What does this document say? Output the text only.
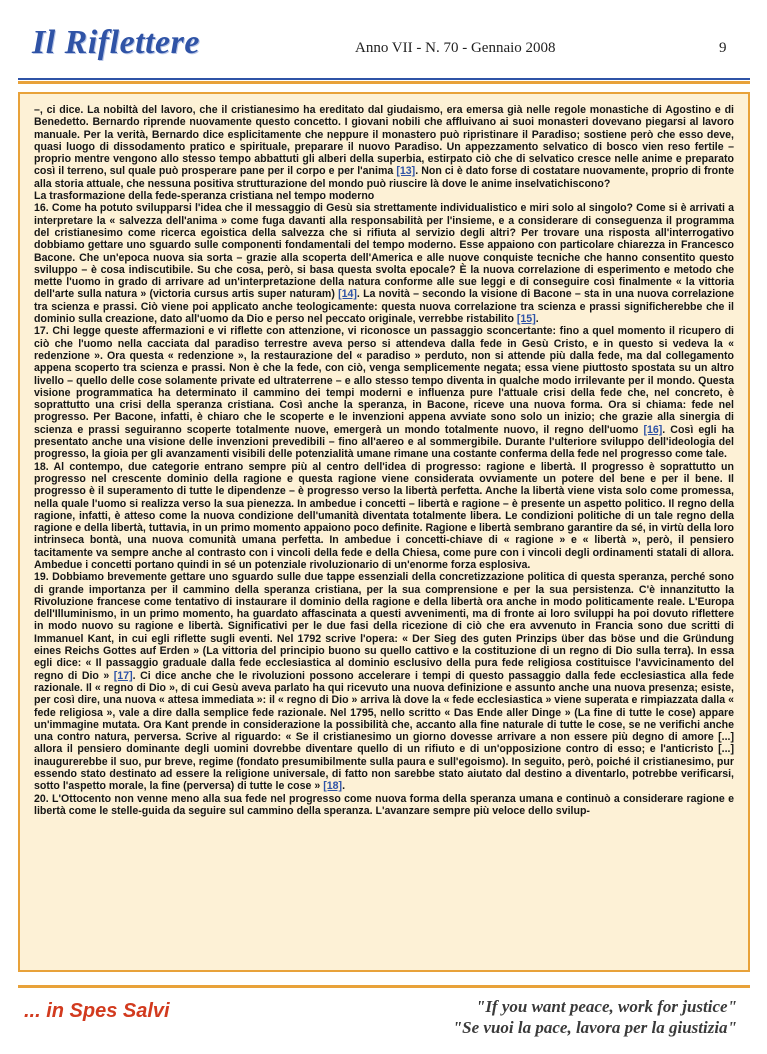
Il Riflettere	Anno VII - N. 70 - Gennaio 2008	9

–, ci dice. La nobiltà del lavoro, che il cristianesimo ha ereditato dal giudaismo, era emersa già nelle regole monastiche di Agostino e di Benedetto. Bernardo riprende nuovamente questo concetto. I giovani nobili che affluivano ai suoi monasteri dovevano piegarsi al lavoro manuale. Per la verità, Bernardo dice esplicitamente che neppure il monastero può ripristinare il Paradiso; sostiene però che esso deve, quasi luogo di dissodamento pratico e spirituale, preparare il nuovo Paradiso. Un appezzamento selvatico di bosco vien reso fertile – proprio mentre vengono allo stesso tempo abbattuti gli alberi della superbia, estirpato ciò che di selvatico cresce nelle anime e preparato così il terreno, sul quale può prosperare pane per il corpo e per l'anima [13]. Non ci è dato forse di costatare nuovamente, proprio di fronte alla storia attuale, che nessuna positiva strutturazione del mondo può riuscire là dove le anime inselvatichiscono?

La trasformazione della fede-speranza cristiana nel tempo moderno

16. Come ha potuto svilupparsi l'idea che il messaggio di Gesù sia strettamente individualistico e miri solo al singolo? Come si è arrivati a interpretare la « salvezza dell'anima » come fuga davanti alla responsabilità per l'insieme, e a considerare di conseguenza il programma del cristianesimo come ricerca egoistica della salvezza che si rifiuta al servizio degli altri? Per trovare una risposta all'interrogativo dobbiamo gettare uno sguardo sulle componenti fondamentali del tempo moderno. Esse appaiono con particolare chiarezza in Francesco Bacone. Che un'epoca nuova sia sorta – grazie alla scoperta dell'America e alle nuove conquiste tecniche che hanno consentito questo sviluppo – è cosa indiscutibile. Su che cosa, però, si basa questa svolta epocale? È la nuova correlazione di esperimento e metodo che mette l'uomo in grado di arrivare ad un'interpretazione della natura conforme alle sue leggi e di conseguire così finalmente « la vittoria dell'arte sulla natura » (victoria cursus artis super naturam) [14]. La novità – secondo la visione di Bacone – sta in una nuova correlazione tra scienza e prassi. Ciò viene poi applicato anche teologicamente: questa nuova correlazione tra scienza e prassi significherebbe che il dominio sulla creazione, dato all'uomo da Dio e perso nel peccato originale, verrebbe ristabilito [15].

17. Chi legge queste affermazioni e vi riflette con attenzione, vi riconosce un passaggio sconcertante: fino a quel momento il ricupero di ciò che l'uomo nella cacciata dal paradiso terrestre aveva perso si attendeva dalla fede in Gesù Cristo, e in questo si vedeva la « redenzione ». Ora questa « redenzione », la restaurazione del « paradiso » perduto, non si attende più dalla fede, ma dal collegamento appena scoperto tra scienza e prassi. Non è che la fede, con ciò, venga semplicemente negata; essa viene piuttosto spostata su un altro livello – quello delle cose solamente private ed ultraterrene – e allo stesso tempo diventa in qualche modo irrilevante per il mondo. Questa visione programmatica ha determinato il cammino dei tempi moderni e influenza pure l'attuale crisi della fede che, nel concreto, è soprattutto una crisi della speranza cristiana. Così anche la speranza, in Bacone, riceve una nuova forma. Ora si chiama: fede nel progresso. Per Bacone, infatti, è chiaro che le scoperte e le invenzioni appena avviate sono solo un inizio; che grazie alla sinergia di scienza e prassi seguiranno scoperte totalmente nuove, emergerà un mondo totalmente nuovo, il regno dell'uomo [16]. Così egli ha presentato anche una visione delle invenzioni prevedibili – fino all'aereo e al sommergibile. Durante l'ulteriore sviluppo dell'ideologia del progresso, la gioia per gli avanzamenti visibili delle potenzialità umane rimane una costante conferma della fede nel progresso come tale.

18. Al contempo, due categorie entrano sempre più al centro dell'idea di progresso: ragione e libertà. Il progresso è soprattutto un progresso nel crescente dominio della ragione e questa ragione viene considerata ovviamente un potere del bene e per il bene. Il progresso è il superamento di tutte le dipendenze – è progresso verso la libertà perfetta. Anche la libertà viene vista solo come promessa, nella quale l'uomo si realizza verso la sua pienezza. In ambedue i concetti – libertà e ragione – è presente un aspetto politico. Il regno della ragione, infatti, è atteso come la nuova condizione dell'umanità diventata totalmente libera. Le condizioni politiche di un tale regno della ragione e della libertà, tuttavia, in un primo momento appaiono poco definite. Ragione e libertà sembrano garantire da sé, in virtù della loro intrinseca bontà, una nuova comunità umana perfetta. In ambedue i concetti-chiave di « ragione » e « libertà », però, il pensiero tacitamente va sempre anche al contrasto con i vincoli della fede e della Chiesa, come pure con i vincoli degli ordinamenti statali di allora. Ambedue i concetti portano quindi in sé un potenziale rivoluzionario di un'enorme forza esplosiva.

19. Dobbiamo brevemente gettare uno sguardo sulle due tappe essenziali della concretizzazione politica di questa speranza, perché sono di grande importanza per il cammino della speranza cristiana, per la sua comprensione e per la sua persistenza. C'è innanzitutto la Rivoluzione francese come tentativo di instaurare il dominio della ragione e della libertà ora anche in modo politicamente reale. L'Europa dell'Illuminismo, in un primo momento, ha guardato affascinata a questi avvenimenti, ma di fronte ai loro sviluppi ha poi dovuto riflettere in modo nuovo su ragione e libertà. Significativi per le due fasi della ricezione di ciò che era avvenuto in Francia sono due scritti di Immanuel Kant, in cui egli riflette sugli eventi. Nel 1792 scrive l'opera: « Der Sieg des guten Prinzips über das böse und die Gründung eines Reichs Gottes auf Erden » (La vittoria del principio buono su quello cattivo e la costituzione di un regno di Dio sulla terra). In essa egli dice: « Il passaggio graduale dalla fede ecclesiastica al dominio esclusivo della pura fede religiosa costituisce l'avvicinamento del regno di Dio » [17]. Ci dice anche che le rivoluzioni possono accelerare i tempi di questo passaggio dalla fede ecclesiastica alla fede razionale. Il « regno di Dio », di cui Gesù aveva parlato ha qui ricevuto una nuova definizione e assunto anche una nuova presenza; esiste, per così dire, una nuova « attesa immediata »: il « regno di Dio » arriva là dove la « fede ecclesiastica » viene superata e rimpiazzata dalla « fede religiosa », vale a dire dalla semplice fede razionale. Nel 1795, nello scritto « Das Ende aller Dinge » (La fine di tutte le cose) appare un'immagine mutata. Ora Kant prende in considerazione la possibilità che, accanto alla fine naturale di tutte le cose, se ne verifichi anche una contro natura, perversa. Scrive al riguardo: « Se il cristianesimo un giorno dovesse arrivare a non essere più degno di amore [...] allora il pensiero dominante degli uomini dovrebbe diventare quello di un rifiuto e di un'opposizione contro di esso; e l'anticristo [...] inaugurerebbe il suo, pur breve, regime (fondato presumibilmente sulla paura e sull'egoismo). In seguito, però, poiché il cristianesimo, pur essendo stato destinato ad essere la religione universale, di fatto non sarebbe stato aiutato dal destino a diventarlo, potrebbe verificarsi, sotto l'aspetto morale, la fine (perversa) di tutte le cose » [18].

20. L'Ottocento non venne meno alla sua fede nel progresso come nuova forma della speranza umana e continuò a considerare ragione e libertà come le stelle-guida da seguire sul cammino della speranza. L'avanzare sempre più veloce dello svilup-

... in Spes Salvi	"If you want peace, work for justice"
"Se vuoi la pace, lavora per la giustizia"
